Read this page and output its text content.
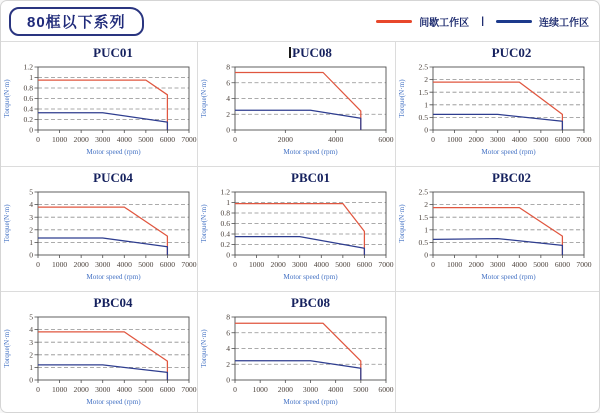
80框以下系列	间歇工作区 |	连续工作区
PUC01
0
0.2
0.4
0.6
0.8
1
1.2
0 1000 2000 3000 4000 5000 6000 7000
Motor speed (rpm)
Torque(N·m)
PUC08
0
2
4
6
8
0	2000	4000	6000
Motor speed (rpm)
Torque(N·m)
PUC02
0
0.5
1
1.5
2
2.5
0 1000 2000 3000 4000 5000 6000 7000
Motor speed (rpm)
Torque(N·m)
PUC04
0
1
2
3
4
5
0 1000 2000 3000 4000 5000 6000 7000
Motor speed (rpm)
Torque(N·m)
PBC01
0
0.2
0.4
0.6
0.8
1
1.2
0 1000 2000 3000 4000 5000 6000 7000
Motor speed (rpm)
Torque(N·m)
PBC02
0
0.5
1
1.5
2
2.5
0 1000 2000 3000 4000 5000 6000 7000
Motor speed (rpm)
Torque(N·m)
PBC04
0
1
2
3
4
5
0 1000 2000 3000 4000 5000 6000 7000
Motor speed (rpm)
Torque(N·m)
PBC08
0
2
4
6
8
0 1000 2000 3000 4000 5000 6000
Motor speed (rpm)
Torque(N·m)
